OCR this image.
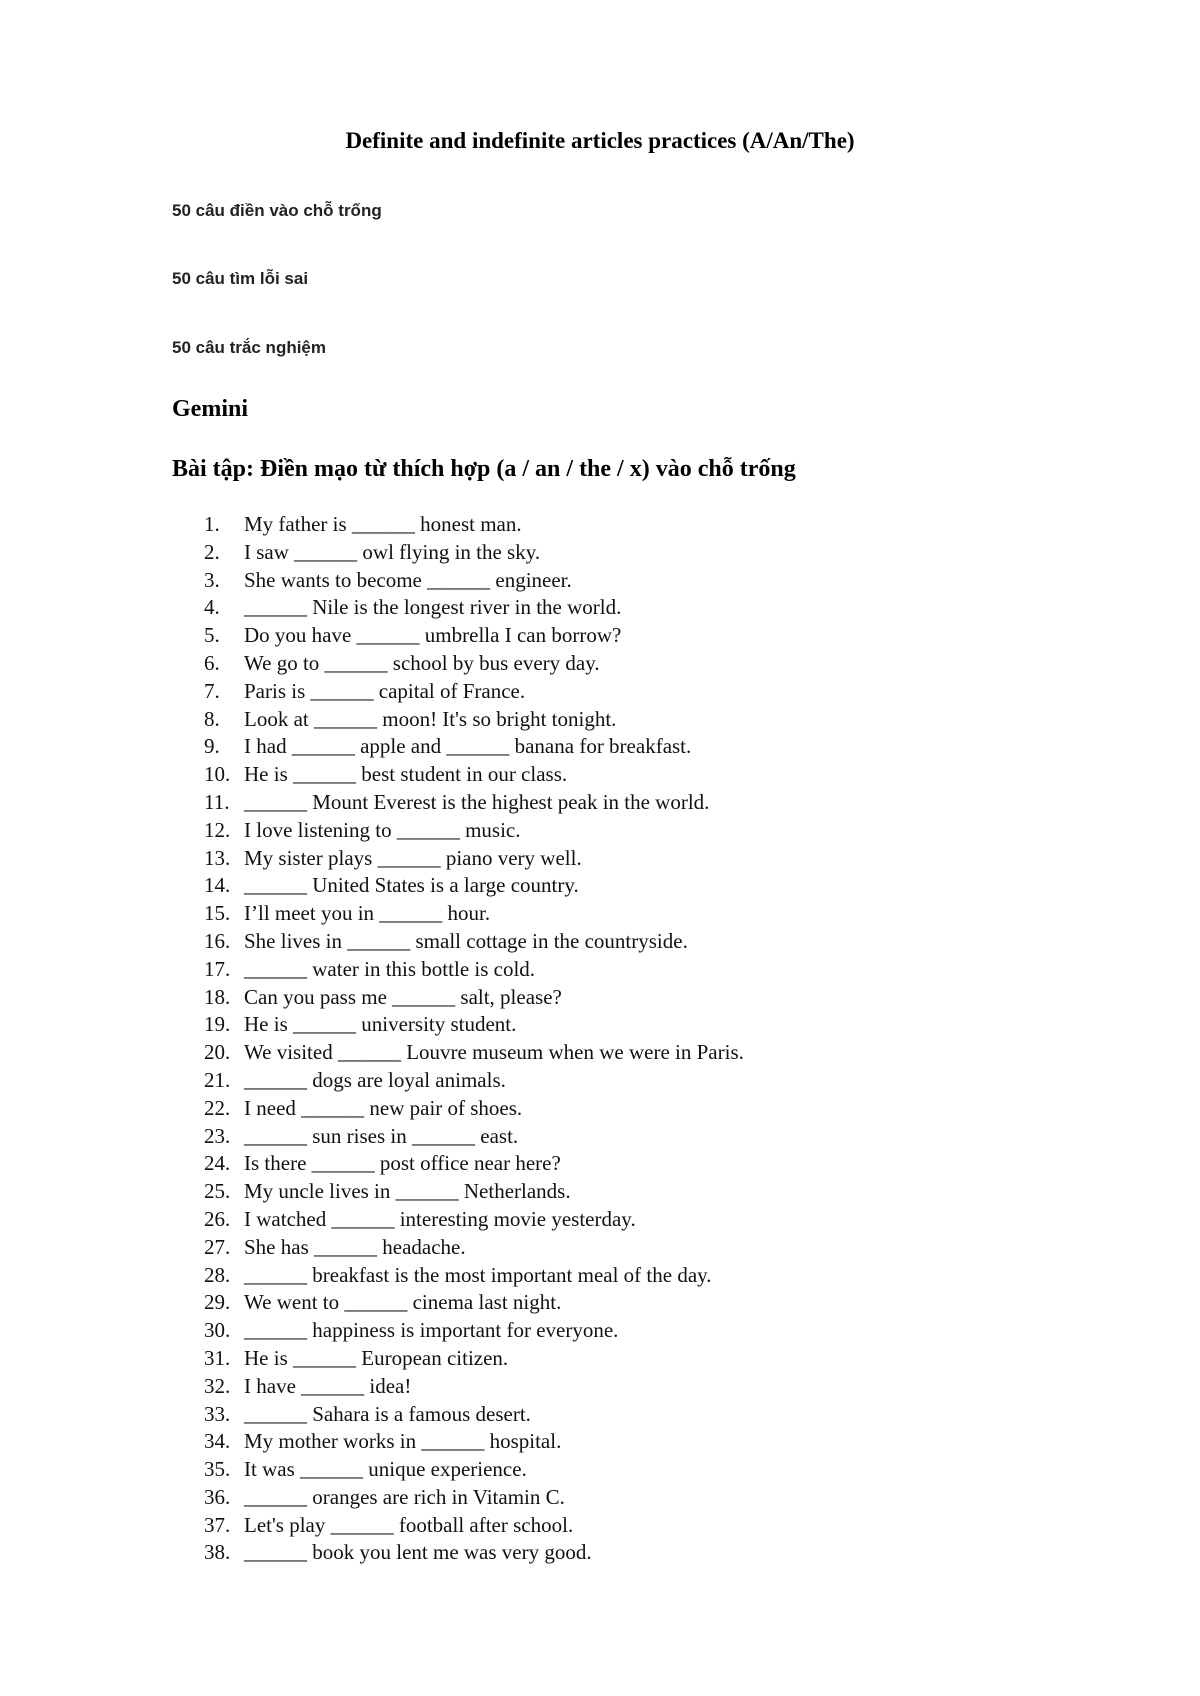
Definite and indefinite articles practices (A/An/The)
50 câu điền vào chỗ trống
50 câu tìm lỗi sai
50 câu trắc nghiệm
Gemini
Bài tập: Điền mạo từ thích hợp (a / an / the / x) vào chỗ trống
1. My father is ______ honest man.
2. I saw ______ owl flying in the sky.
3. She wants to become ______ engineer.
4. ______ Nile is the longest river in the world.
5. Do you have ______ umbrella I can borrow?
6. We go to ______ school by bus every day.
7. Paris is ______ capital of France.
8. Look at ______ moon! It's so bright tonight.
9. I had ______ apple and ______ banana for breakfast.
10. He is ______ best student in our class.
11. ______ Mount Everest is the highest peak in the world.
12. I love listening to ______ music.
13. My sister plays ______ piano very well.
14. ______ United States is a large country.
15. I’ll meet you in ______ hour.
16. She lives in ______ small cottage in the countryside.
17. ______ water in this bottle is cold.
18. Can you pass me ______ salt, please?
19. He is ______ university student.
20. We visited ______ Louvre museum when we were in Paris.
21. ______ dogs are loyal animals.
22. I need ______ new pair of shoes.
23. ______ sun rises in ______ east.
24. Is there ______ post office near here?
25. My uncle lives in ______ Netherlands.
26. I watched ______ interesting movie yesterday.
27. She has ______ headache.
28. ______ breakfast is the most important meal of the day.
29. We went to ______ cinema last night.
30. ______ happiness is important for everyone.
31. He is ______ European citizen.
32. I have ______ idea!
33. ______ Sahara is a famous desert.
34. My mother works in ______ hospital.
35. It was ______ unique experience.
36. ______ oranges are rich in Vitamin C.
37. Let's play ______ football after school.
38. ______ book you lent me was very good.
